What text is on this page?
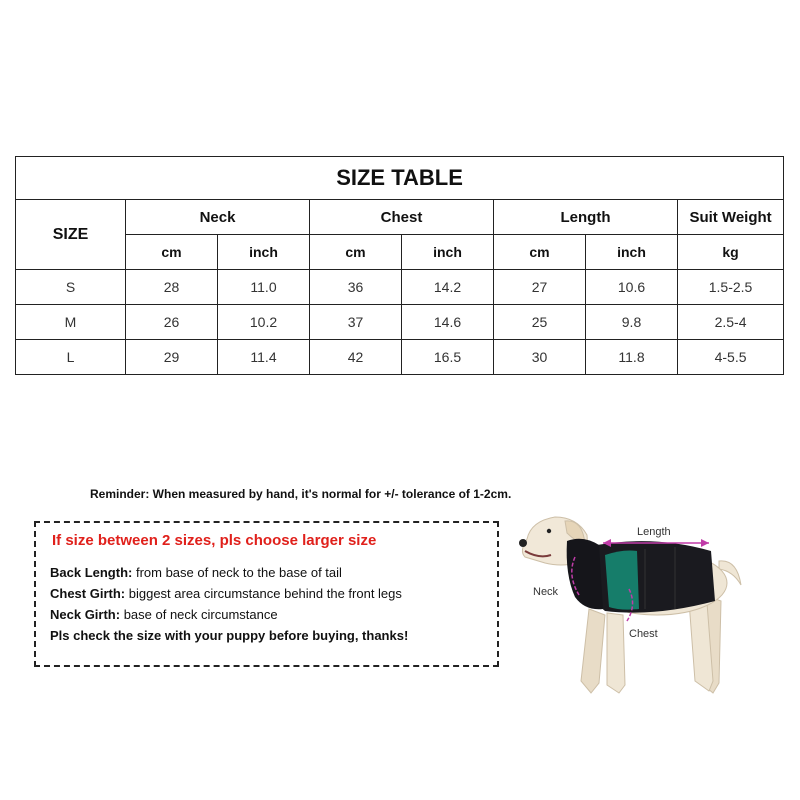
SIZE TABLE							
SIZE	Neck		Chest		Length		Suit Weight
	cm	inch	cm	inch	cm	inch	kg
S	28	11.0	36	14.2	27	10.6	1.5-2.5
M	26	10.2	37	14.6	25	9.8	2.5-4
L	29	11.4	42	16.5	30	11.8	4-5.5
Reminder: When measured by hand, it's normal for +/- tolerance of 1-2cm.
If size between 2 sizes, pls choose larger size
Back Length: from base of neck to the base of tail
Chest Girth: biggest area circumstance behind the front legs
Neck Girth: base of neck circumstance
Pls check the size with your puppy before buying, thanks!
Length
Neck
Chest
